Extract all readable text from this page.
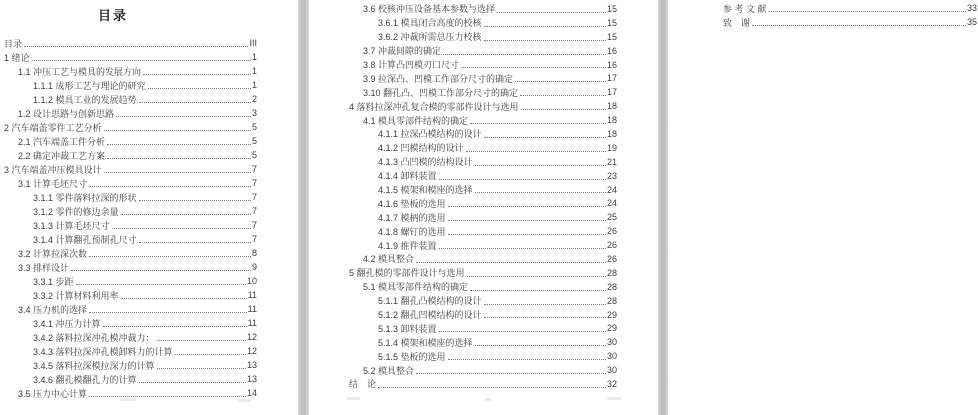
目录
目录	III
1 绪论	1
1.1 冲压工艺与模具的发展方向	1
1.1.1 成形工艺与理论的研究	1
1.1.2 模具工业的发展趋势	2
1.2 设计思路与创新思路	3
2 汽车端盖零件工艺分析	5
2.1 汽车端盖工件分析	5
2.2 确定冲裁工艺方案	5
3 汽车端盖冲压模具设计	7
3.1 计算毛坯尺寸	7
3.1.1 零件落料拉深的形状	7
3.1.2 零件的修边余量	7
3.1.3 计算毛坯尺寸	7
3.1.4 计算翻孔预制孔尺寸	7
3.2 计算拉深次数	8
3.3 排样设计	9
3.3.1 步距	10
3.3.2 计算材料利用率	11
3.4 压力机的选择	11
3.4.1 冲压力计算	11
3.4.2 落料拉深冲孔模冲裁力：	12
3.4.3 落料拉深冲孔模卸料力的计算	12
3.4.5 落料拉深模拉深力的计算	13
3.4.6 翻孔模翻孔力的计算	13
3.5 压力中心计算	14
3.6 校核冲压设备基本参数与选择	15
3.6.1 模具闭合高度的校核	15
3.6.2 冲裁所需总压力校核	15
3.7 冲裁间隙的确定	16
3.8 计算凸凹模刃口尺寸	16
3.9 拉深凸、凹模工作部分尺寸的确定	17
3.10 翻孔凸、凹模工作部分尺寸的确定	17
4 落料拉深冲孔复合模的零部件设计与选用	18
4.1 模具零部件结构的确定	18
4.1.1 拉深凸模结构的设计	18
4.1.2 凹模结构的设计	19
4.1.3 凸凹模的结构设计	21
4.1.4 卸料装置	23
4.1.5 模架和模座的选择	24
4.1.6 垫板的选用	24
4.1.7 模柄的选用	25
4.1.8 螺钉的选用	26
4.1.9 推件装置	26
4.2 模具整合	26
5 翻孔模的零部件设计与选用	28
5.1 模具零部件结构的确定	28
5.1.1 翻孔凸模结构的设计	28
5.1.2 翻孔凹模结构的设计	29
5.1.3 卸料装置	29
5.1.4 模架和模座的选择	30
5.1.5 垫板的选用	30
5.2 模具整合	30
结　论	32
参 考 文 献	33
致　谢	35
